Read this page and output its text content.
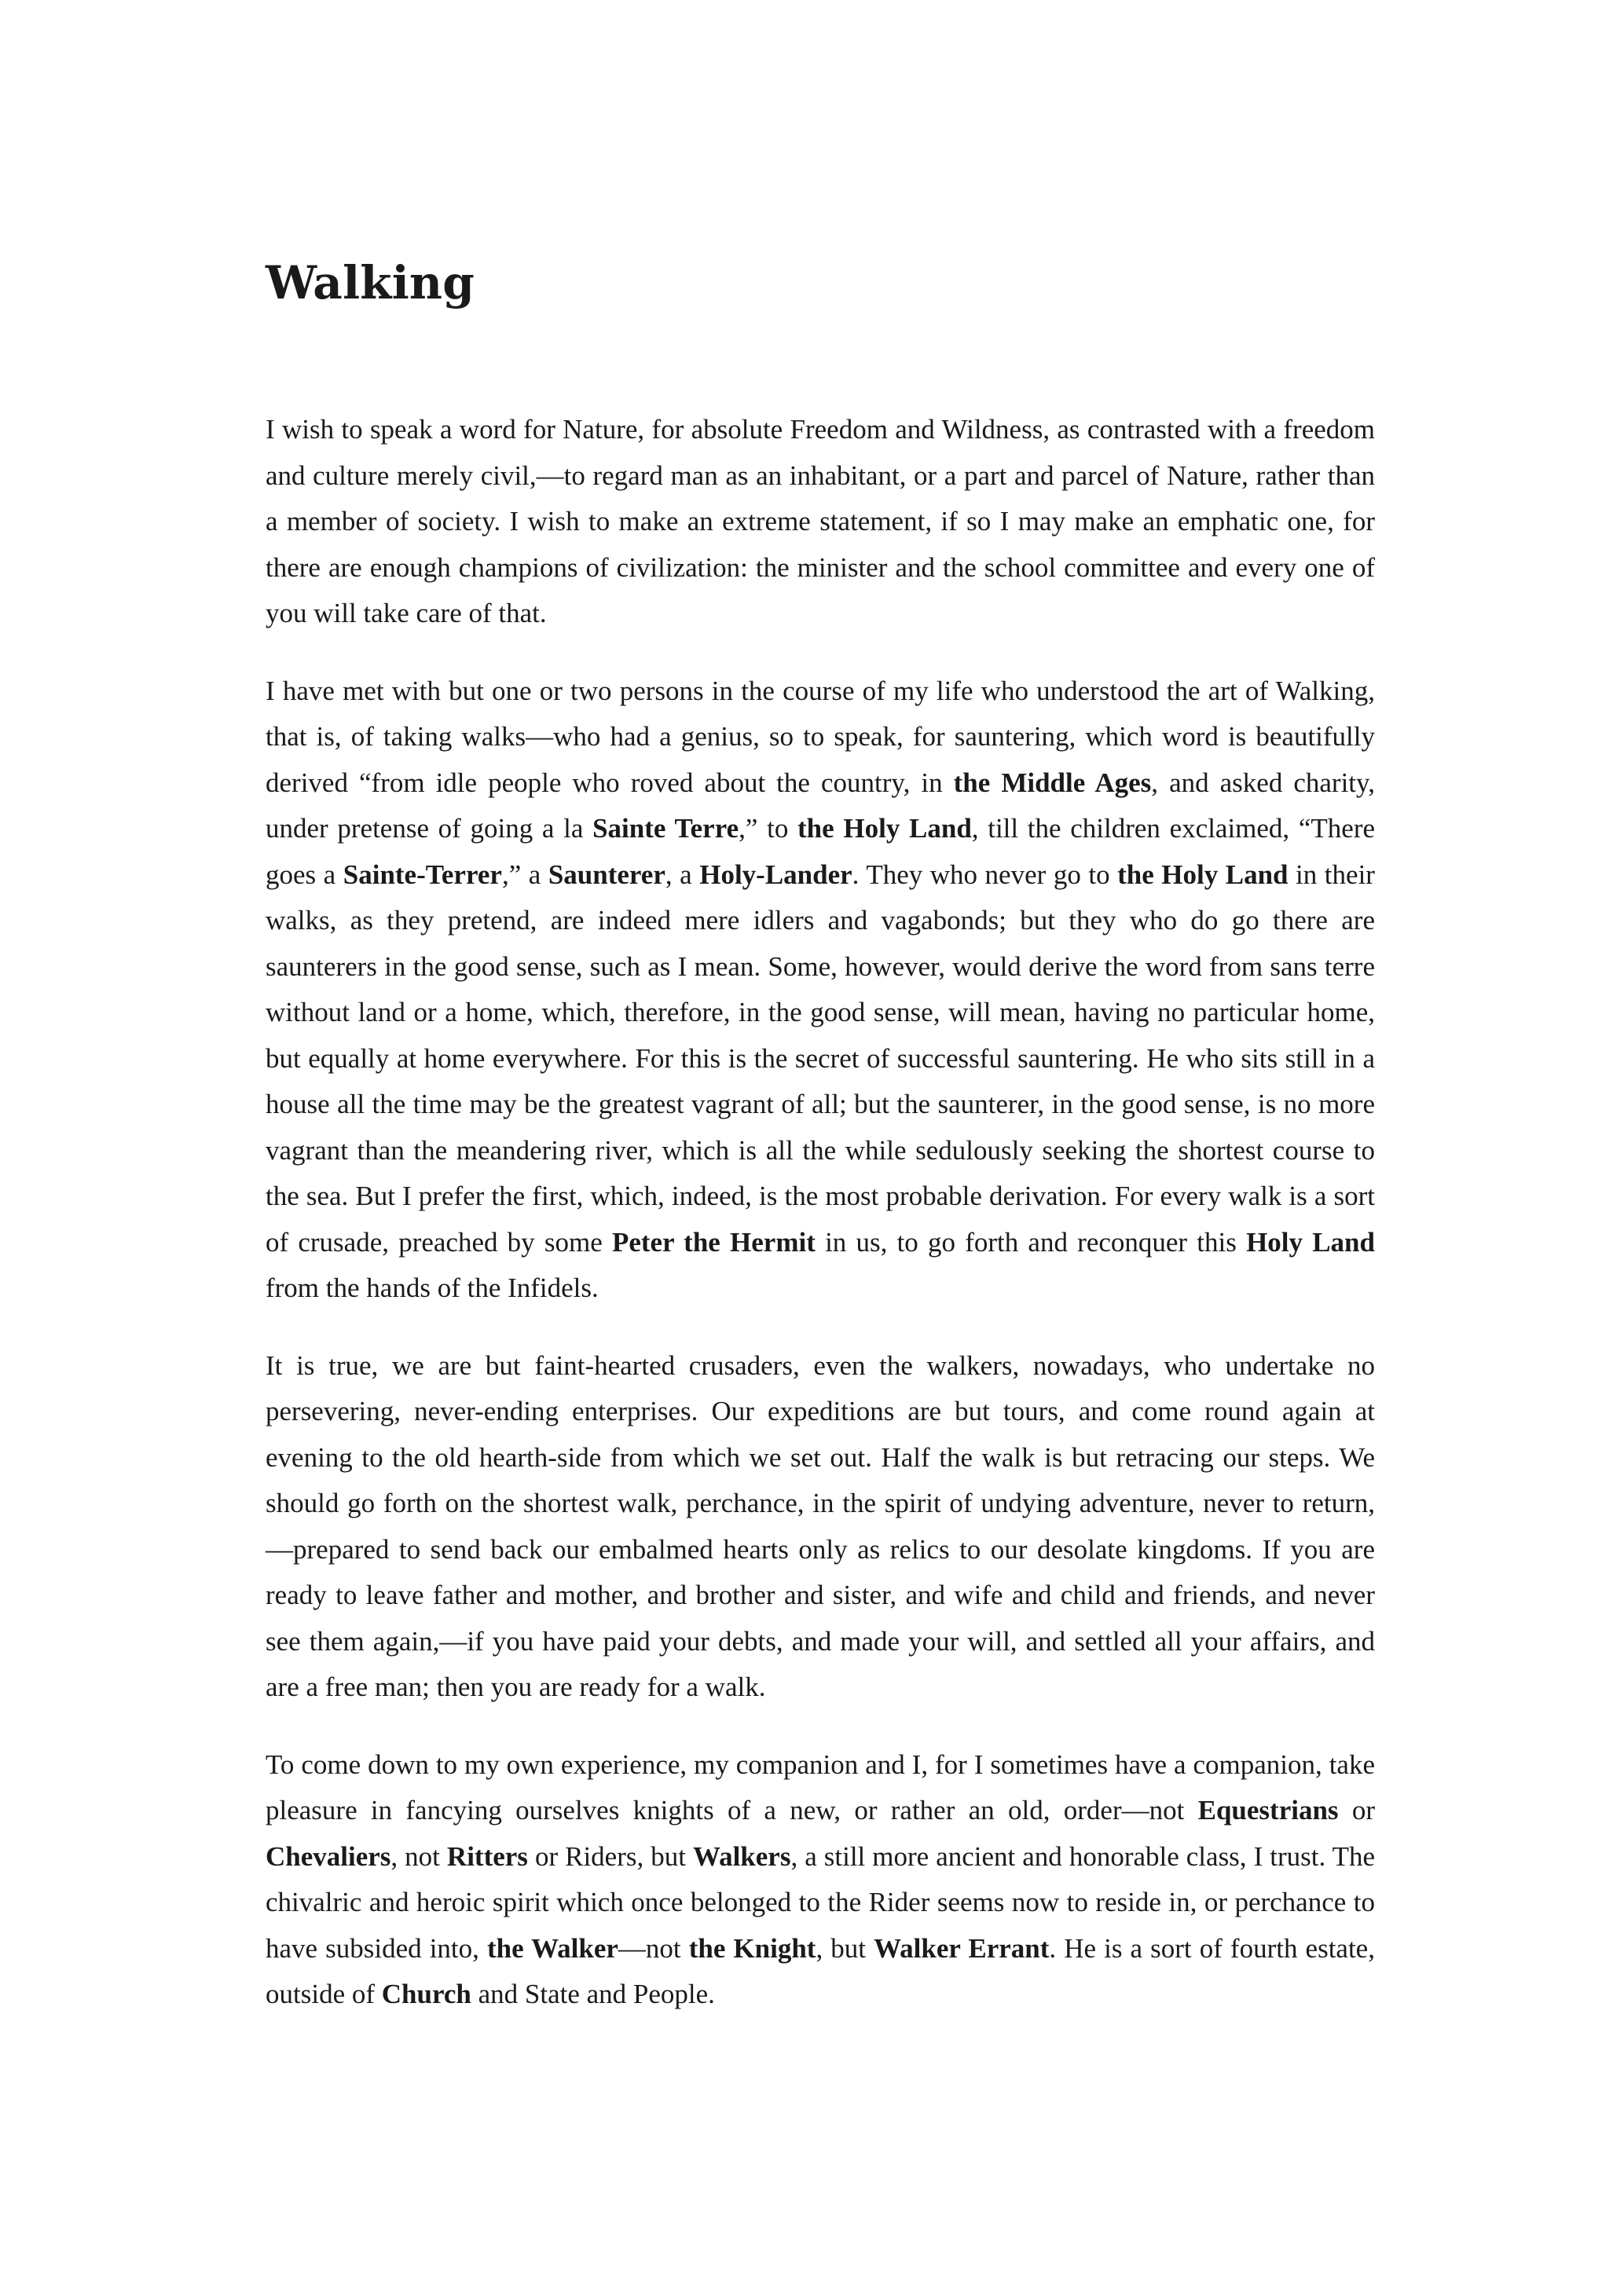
Walking

I wish to speak a word for Nature, for absolute Freedom and Wildness, as contrasted with a freedom and culture merely civil,—to regard man as an inhabitant, or a part and parcel of Nature, rather than a member of society. I wish to make an extreme statement, if so I may make an emphatic one, for there are enough champions of civilization: the minister and the school committee and every one of you will take care of that.

I have met with but one or two persons in the course of my life who understood the art of Walking, that is, of taking walks—who had a genius, so to speak, for sauntering, which word is beautifully derived “from idle people who roved about the country, in the Middle Ages, and asked charity, under pretense of going a la Sainte Terre,” to the Holy Land, till the children exclaimed, “There goes a Sainte-Terrer,” a Saunterer, a Holy-Lander. They who never go to the Holy Land in their walks, as they pretend, are indeed mere idlers and vagabonds; but they who do go there are saunterers in the good sense, such as I mean. Some, however, would derive the word from sans terre without land or a home, which, therefore, in the good sense, will mean, having no particular home, but equally at home everywhere. For this is the secret of successful sauntering. He who sits still in a house all the time may be the greatest vagrant of all; but the saunterer, in the good sense, is no more vagrant than the meandering river, which is all the while sedulously seeking the shortest course to the sea. But I prefer the first, which, indeed, is the most probable derivation. For every walk is a sort of crusade, preached by some Peter the Hermit in us, to go forth and reconquer this Holy Land from the hands of the Infidels.

It is true, we are but faint-hearted crusaders, even the walkers, nowadays, who undertake no persevering, never-ending enterprises. Our expeditions are but tours, and come round again at evening to the old hearth-side from which we set out. Half the walk is but retracing our steps. We should go forth on the shortest walk, perchance, in the spirit of undying adventure, never to return,—prepared to send back our embalmed hearts only as relics to our desolate kingdoms. If you are ready to leave father and mother, and brother and sister, and wife and child and friends, and never see them again,—if you have paid your debts, and made your will, and settled all your affairs, and are a free man; then you are ready for a walk.

To come down to my own experience, my companion and I, for I sometimes have a companion, take pleasure in fancying ourselves knights of a new, or rather an old, order—not Equestrians or Chevaliers, not Ritters or Riders, but Walkers, a still more ancient and honorable class, I trust. The chivalric and heroic spirit which once belonged to the Rider seems now to reside in, or perchance to have subsided into, the Walker—not the Knight, but Walker Errant. He is a sort of fourth estate, outside of Church and State and People.
